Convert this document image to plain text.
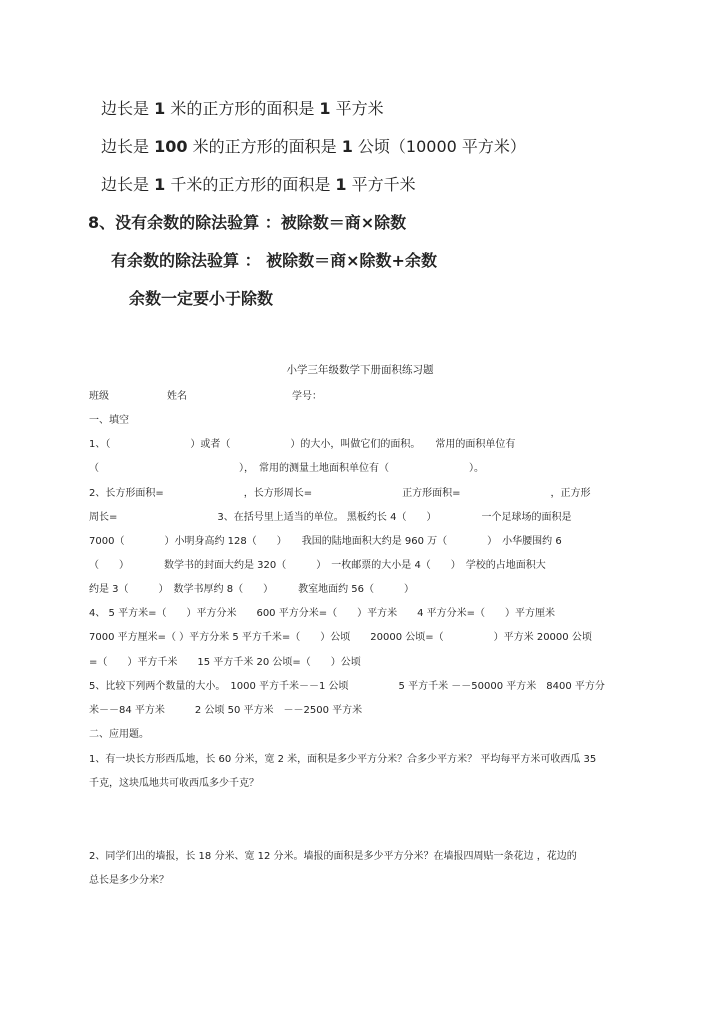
边长是 1 米的正方形的面积是 1 平方米
边长是 100 米的正方形的面积是 1 公顷（10000 平方米）
边长是 1 千米的正方形的面积是 1 平方千米
8、没有余数的除法验算 ：被除数＝商×除数
有余数的除法验算 ： 被除数＝商×除数+余数
余数一定要小于除数
小学三年级数学下册面积练习题
班级	姓名	学号：
一、填空
1、（　　　　　　　　）或者（　　　　　　）的大小，叫做它们的面积。　　常用的面积单位有
（　　　　　　　　　　　　　　），　常用的测量土地面积单位有（　　　　　　　　）。
2、长方形面积=　　　　　　　　，长方形周长=　　　　　　　　　正方形面积=　　　　　　　　　，正方形
周长=　　　　　　　　　　3、在括号里上适当的单位。 黑板约长 4（　　）　　　　　一个足球场的面积是
7000（　　　　）小明身高约 128（　　）　　我国的陆地面积大约是 960 万（　　　　）　小华腰围约 6
（　　）　　　　数学书的封面大约是 320（　　　）　一枚邮票的大小是 4（　　）　学校的占地面积大
约是 3（　　　）　数学书厚约 8（　　）　　　教室地面约 56（　　　）
4、 5 平方米=（　　）平方分米　　600 平方分米=（　　）平方米　　4 平方分米=（　　）平方厘米
7000 平方厘米=（ ）平方分米 5 平方千米=（　　）公顷　　20000 公顷=（　　　　　）平方米 20000 公顷
=（　　）平方千米　　15 平方千米 20 公顷=（　　）公顷
5、比较下列两个数量的大小。　1000 平方千米－－1 公顷　　　　　5 平方千米 －－50000 平方米　8400 平方分
米－－84 平方米　　　2 公顷 50 平方米　－－2500 平方米
二、应用题。
1、有一块长方形西瓜地，长 60 分米，宽 2 米，面积是多少平方分米？合多少平方米？ 平均每平方米可收西瓜 35
千克，这块瓜地共可收西瓜多少千克？
2、同学们出的墙报，长 18 分米、宽 12 分米。墙报的面积是多少平方分米？在墙报四周贴一条花边 ，花边的
总长是多少分米？
